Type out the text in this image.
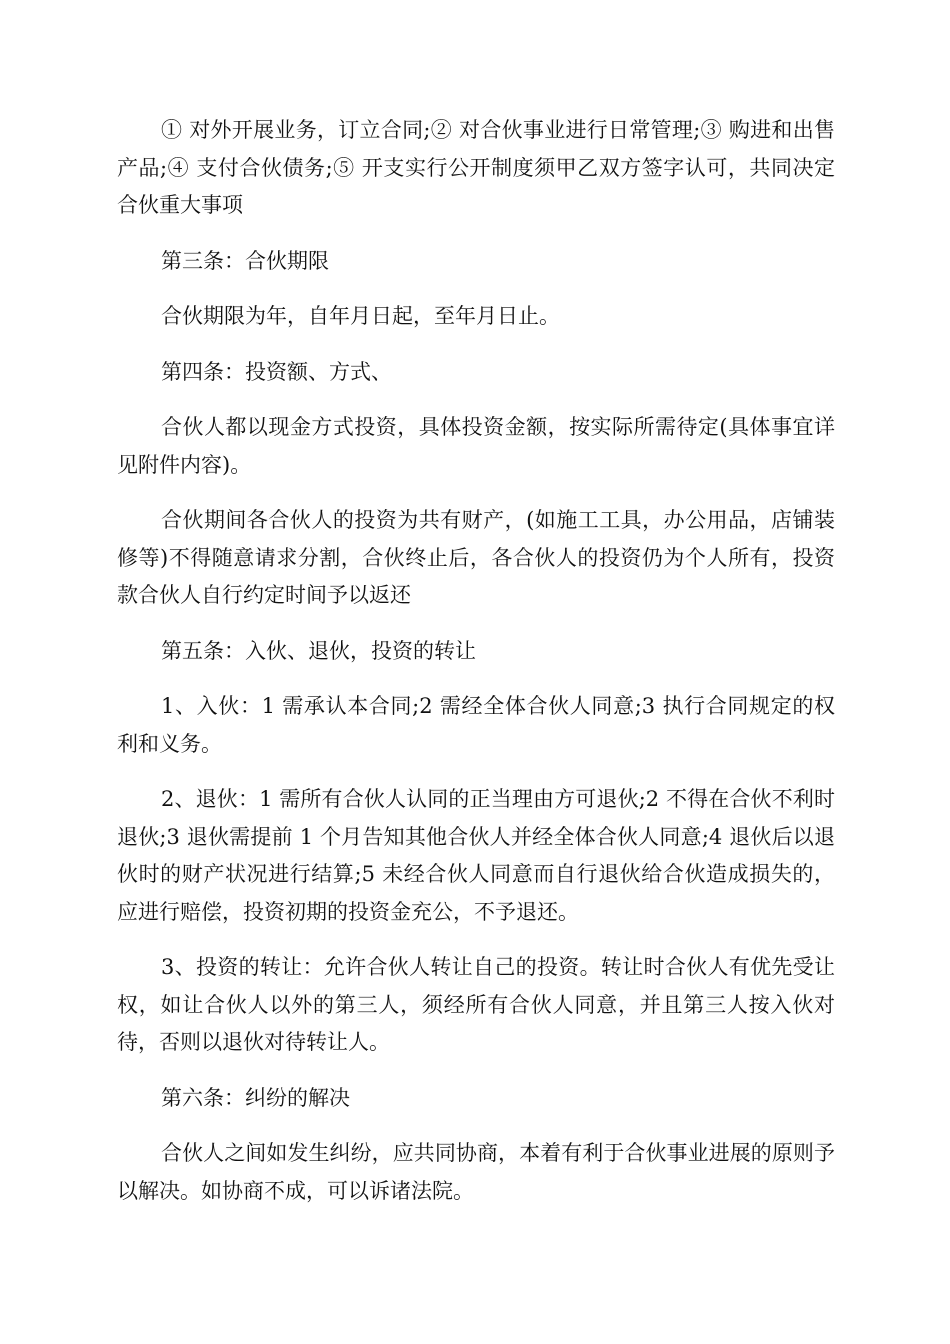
① 对外开展业务，订立合同;② 对合伙事业进行日常管理;③ 购进和出售产品;④ 支付合伙债务;⑤ 开支实行公开制度须甲乙双方签字认可，共同决定合伙重大事项

第三条：合伙期限

合伙期限为年，自年月日起，至年月日止。

第四条：投资额、方式、

合伙人都以现金方式投资，具体投资金额，按实际所需待定(具体事宜详见附件内容)。

合伙期间各合伙人的投资为共有财产，(如施工工具，办公用品，店铺装修等)不得随意请求分割，合伙终止后，各合伙人的投资仍为个人所有，投资款合伙人自行约定时间予以返还

第五条：入伙、退伙，投资的转让

1、入伙：1 需承认本合同;2 需经全体合伙人同意;3 执行合同规定的权利和义务。

2、退伙：1 需所有合伙人认同的正当理由方可退伙;2 不得在合伙不利时退伙;3 退伙需提前 1 个月告知其他合伙人并经全体合伙人同意;4 退伙后以退伙时的财产状况进行结算;5 未经合伙人同意而自行退伙给合伙造成损失的，应进行赔偿，投资初期的投资金充公，不予退还。

3、投资的转让：允许合伙人转让自己的投资。转让时合伙人有优先受让权，如让合伙人以外的第三人，须经所有合伙人同意，并且第三人按入伙对待，否则以退伙对待转让人。

第六条：纠纷的解决

合伙人之间如发生纠纷，应共同协商，本着有利于合伙事业进展的原则予以解决。如协商不成，可以诉诸法院。
